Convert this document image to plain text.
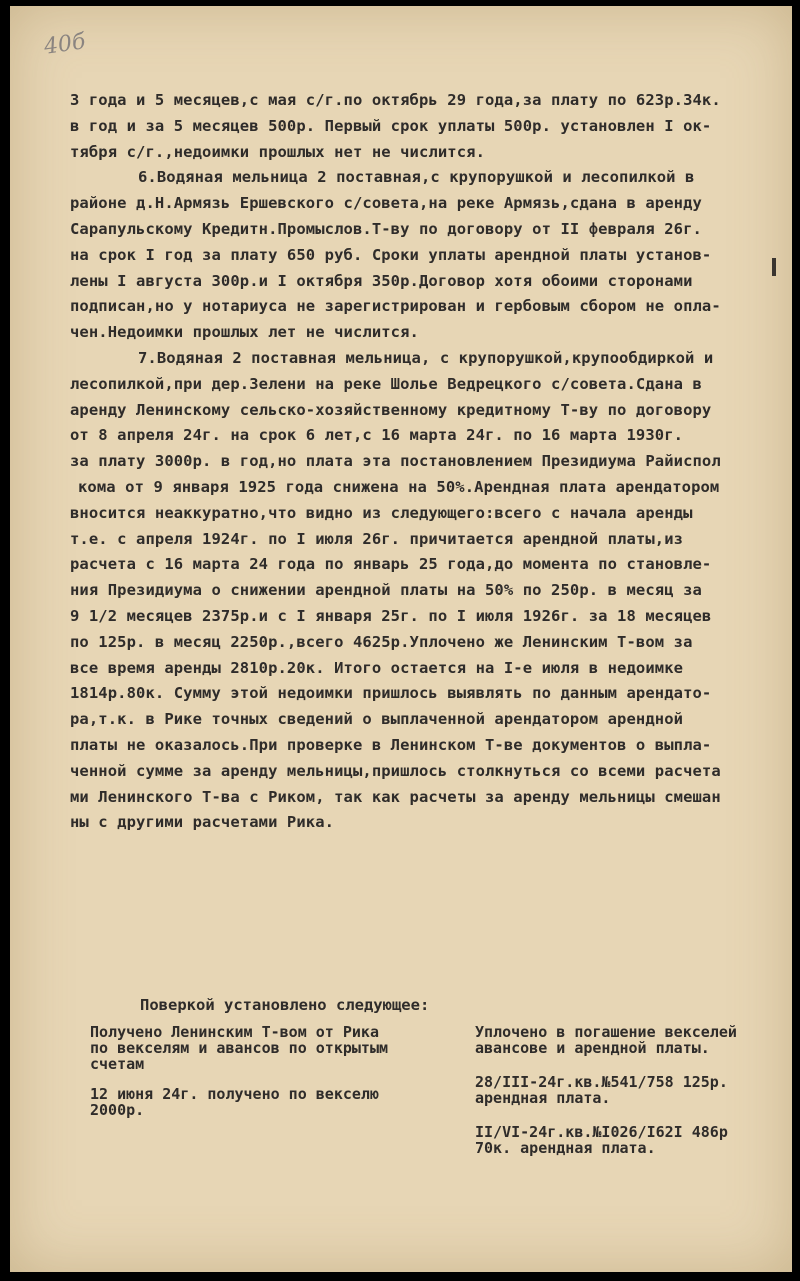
40б
3 года и 5 месяцев,с мая с/г.по октябрь 29 года,за плату по 623р.34к.
в год и за 5 месяцев 500р. Первый срок уплаты 500р. установлен I ок-
тября с/г.,недоимки прошлых нет не числится.
6.Водяная мельница 2 поставная,с крупорушкой и лесопилкой в
районе д.Н.Армязь Ершевского с/совета,на реке Армязь,сдана в аренду
Сарапульскому Кредитн.Промыслов.Т-ву по договору от II февраля 26г.
на срок I год за плату 650 руб. Сроки уплаты арендной платы установ-
лены I августа 300р.и I октября 350р.Договор хотя обоими сторонами
подписан,но у нотариуса не зарегистрирован и гербовым сбором не опла-
чен.Недоимки прошлых лет не числится.
7.Водяная 2 поставная мельница, с крупорушкой,крупообдиркой и
лесопилкой,при дер.Зелени на реке Шолье Ведрецкого с/совета.Сдана в
аренду Ленинскому сельско-хозяйственному кредитному Т-ву по договору
от 8 апреля 24г. на срок 6 лет,с 16 марта 24г. по 16 марта 1930г.
за плату 3000р. в год,но плата эта постановлением Президиума Райиспол
кома от 9 января 1925 года снижена на 50%.Арендная плата арендатором
вносится неаккуратно,что видно из следующего:всего с начала аренды
т.е. с апреля 1924г. по I июля 26г. причитается арендной платы,из
расчета с 16 марта 24 года по январь 25 года,до момента по становле-
ния Президиума о снижении арендной платы на 50% по 250р. в месяц за
9 1/2 месяцев 2375р.и с I января 25г. по I июля 1926г. за 18 месяцев
по 125р. в месяц 2250р.,всего 4625р.Уплочено же Ленинским Т-вом за
все время аренды 2810р.20к. Итого остается на I-е июля в недоимке
1814р.80к. Сумму этой недоимки пришлось выявлять по данным арендато-
ра,т.к. в Рике точных сведений о выплаченной арендатором арендной
платы не оказалось.При проверке в Ленинском Т-ве документов о выпла-
ченной сумме за аренду мельницы,пришлось столкнуться со всеми расчета
ми Ленинского Т-ва с Риком, так как расчеты за аренду мельницы смешан
ны с другими расчетами Рика.
Поверкой установлено следующее:

Получено Ленинским Т-вом от Рика
по векселям и авансов по открытым
счетам

12 июня 24г. получено по векселю
2000р.

Уплочено в погашение векселей
авансове и арендной платы.

28/III-24г.кв.№541/758 125р.
арендная плата.

II/VI-24г.кв.№I026/I62I 486р
70к. арендная плата.
